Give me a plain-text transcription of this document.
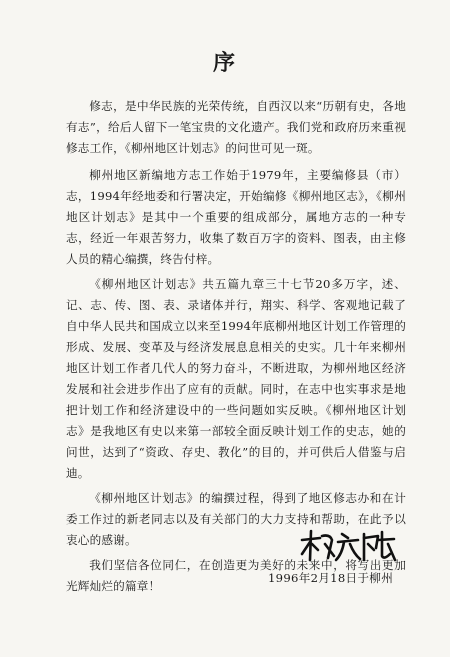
序

修志，是中华民族的光荣传统，自西汉以来“历朝有史，各地有志”，给后人留下一笔宝贵的文化遗产。我们党和政府历来重视修志工作，《柳州地区计划志》的问世可见一斑。

柳州地区新编地方志工作始于1979年，主要编修县（市）志，1994年经地委和行署决定，开始编修《柳州地区志》，《柳州地区计划志》是其中一个重要的组成部分，属地方志的一种专志，经近一年艰苦努力，收集了数百万字的资料、图表，由主修人员的精心编撰，终告付梓。

《柳州地区计划志》共五篇九章三十七节20多万字，述、记、志、传、图、表、录诸体并行，翔实、科学、客观地记载了自中华人民共和国成立以来至1994年底柳州地区计划工作管理的形成、发展、变革及与经济发展息息相关的史实。几十年来柳州地区计划工作者几代人的努力奋斗，不断进取，为柳州地区经济发展和社会进步作出了应有的贡献。同时，在志中也实事求是地把计划工作和经济建设中的一些问题如实反映。《柳州地区计划志》是我地区有史以来第一部较全面反映计划工作的史志，她的问世，达到了“资政、存史、教化”的目的，并可供后人借鉴与启迪。

《柳州地区计划志》的编撰过程，得到了地区修志办和在计委工作过的新老同志以及有关部门的大力支持和帮助，在此予以衷心的感谢。

我们坚信各位同仁，在创造更为美好的未来中，将写出更加光辉灿烂的篇章！

1996年2月18日于柳州
